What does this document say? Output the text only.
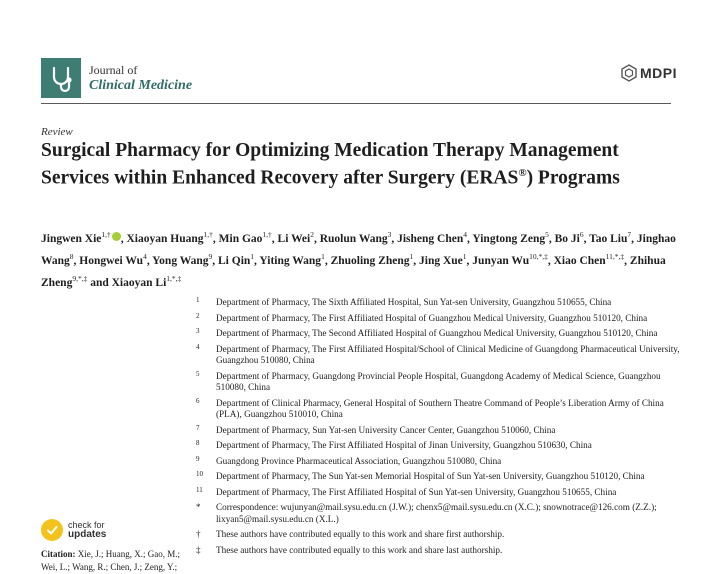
Journal of
Clinical Medicine
MDPI
Review
Surgical Pharmacy for Optimizing Medication Therapy Management Services within Enhanced Recovery after Surgery (ERAS®) Programs
Jingwen Xie$^{1,\dagger}$ , Xiaoyan Huang$^{1,\dagger}$, Min Gao$^{1,\dagger}$, Li Wei$^2$, Ruolun Wang$^3$, Jisheng Chen$^4$, Yingtong Zeng$^5$, Bo Ji$^6$, Tao Liu$^7$, Jinghao Wang$^8$, Hongwei Wu$^4$, Yong Wang$^9$, Li Qin$^1$, Yiting Wang$^1$, Zhuoling Zheng$^1$, Jing Xue$^1$, Junyan $Wu^{10,*,\ddagger}$, Xiao Chen$^{11,*,\ddagger}$, Zhihua Zheng$^{9,*,\ddagger}$ and Xiaoyan $Li^{1,*,\ddagger}$
1	Department of Pharmacy, The Sixth Affiliated Hospital, Sun Yat-sen University, Guangzhou 510655, China
2	Department of Pharmacy, The First Affiliated Hospital of Guangzhou Medical University, Guangzhou 510120, China
3	Department of Pharmacy, The Second Affiliated Hospital of Guangzhou Medical University, Guangzhou 510120, China
4	Department of Pharmacy, The First Affiliated Hospital/School of Clinical Medicine of Guangdong Pharmaceutical University, Guangzhou 510080, China
5	Department of Pharmacy, Guangdong Provincial People Hospital, Guangdong Academy of Medical Science, Guangzhou 510080, China
6	Department of Clinical Pharmacy, General Hospital of Southern Theatre Command of People’s Liberation Army of China (PLA), Guangzhou 510010, China
7	Department of Pharmacy, Sun Yat-sen University Cancer Center, Guangzhou 510060, China
8	Department of Pharmacy, The First Affiliated Hospital of Jinan University, Guangzhou 510630, China
9	Guangdong Province Pharmaceutical Association, Guangzhou 510080, China
10	Department of Pharmacy, The Sun Yat-sen Memorial Hospital of Sun Yat-sen University, Guangzhou 510120, China
11	Department of Pharmacy, The First Affiliated Hospital of Sun Yat-sen University, Guangzhou 510655, China
*	Correspondence: wujunyan@mail.sysu.edu.cn (J.W.); chenx5@mail.sysu.edu.cn (X.C.); snownotrace@126.com (Z.Z.); lixyan5@mail.sysu.edu.cn (X.L.)
†	These authors have contributed equally to this work and share first authorship.
‡	These authors have contributed equally to this work and share last authorship.
check for
updates
Citation: Xie, J.; Huang, X.; Gao, M.; Wei, L.; Wang, R.; Chen, J.; Zeng, Y.;
